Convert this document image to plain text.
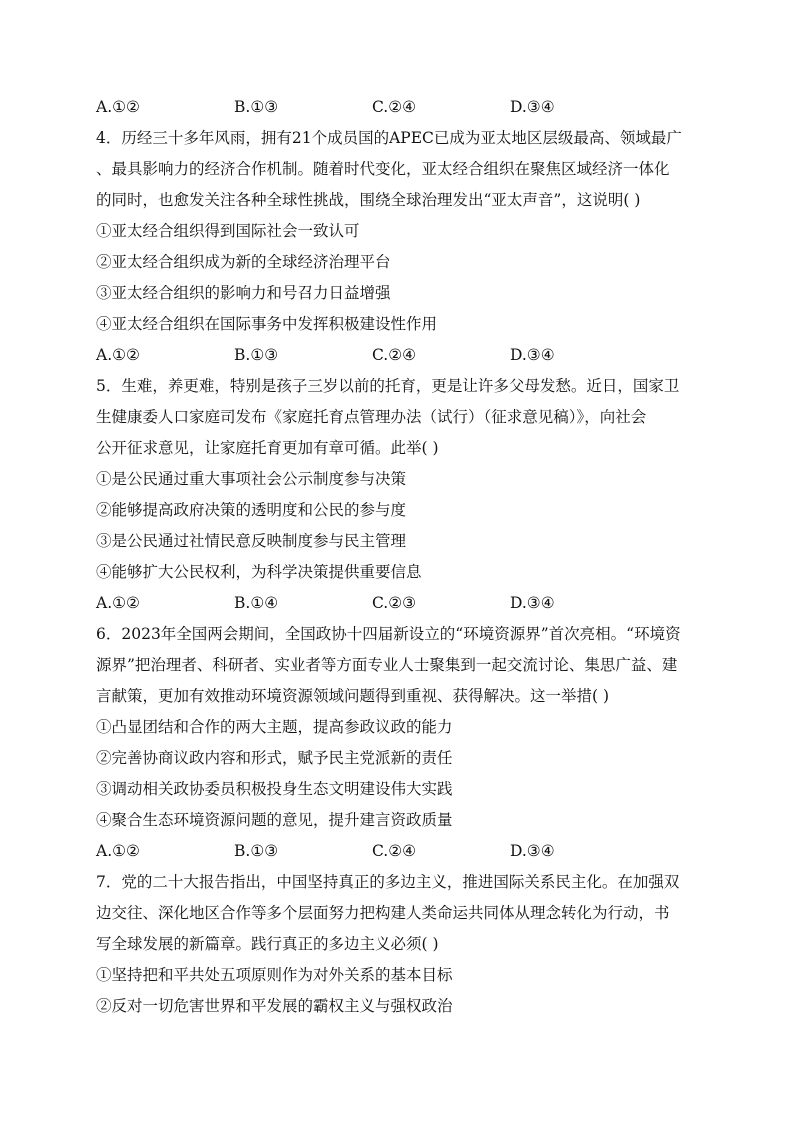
A.①②	B.①③	C.②④	D.③④
4．历经三十多年风雨，拥有21个成员国的APEC已成为亚太地区层级最高、领域最广
、最具影响力的经济合作机制。随着时代变化，亚太经合组织在聚焦区域经济一体化
的同时，也愈发关注各种全球性挑战，围绕全球治理发出“亚太声音”，这说明( )
①亚太经合组织得到国际社会一致认可
②亚太经合组织成为新的全球经济治理平台
③亚太经合组织的影响力和号召力日益增强
④亚太经合组织在国际事务中发挥积极建设性作用
A.①②	B.①③	C.②④	D.③④
5．生难，养更难，特别是孩子三岁以前的托育，更是让许多父母发愁。近日，国家卫
生健康委人口家庭司发布《家庭托育点管理办法（试行）（征求意见稿）》，向社会
公开征求意见，让家庭托育更加有章可循。此举( )
①是公民通过重大事项社会公示制度参与决策
②能够提高政府决策的透明度和公民的参与度
③是公民通过社情民意反映制度参与民主管理
④能够扩大公民权利，为科学决策提供重要信息
A.①②	B.①④	C.②③	D.③④
6．2023年全国两会期间，全国政协十四届新设立的“环境资源界”首次亮相。“环境资
源界”把治理者、科研者、实业者等方面专业人士聚集到一起交流讨论、集思广益、建
言献策，更加有效推动环境资源领域问题得到重视、获得解决。这一举措( )
①凸显团结和合作的两大主题，提高参政议政的能力
②完善协商议政内容和形式，赋予民主党派新的责任
③调动相关政协委员积极投身生态文明建设伟大实践
④聚合生态环境资源问题的意见，提升建言资政质量
A.①②	B.①③	C.②④	D.③④
7．党的二十大报告指出，中国坚持真正的多边主义，推进国际关系民主化。在加强双
边交往、深化地区合作等多个层面努力把构建人类命运共同体从理念转化为行动，书
写全球发展的新篇章。践行真正的多边主义必须( )
①坚持把和平共处五项原则作为对外关系的基本目标
②反对一切危害世界和平发展的霸权主义与强权政治
